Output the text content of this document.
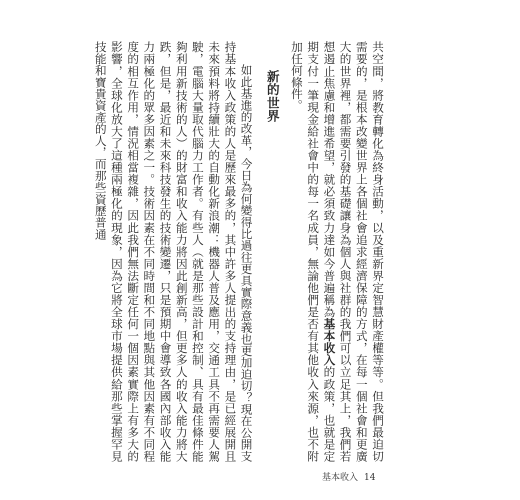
共空間，將教育轉化為終身活動，以及重新界定智慧財產權等等。但我們最迫切需要的，是根本改變世界上各個社會追求經濟保障的方式，在每一個社會和更廣大的世界裡，都需要引發的基礎讓身為個人與社群的我們可以立足其上，我們若想遏止焦慮和增進希望，就必須致力達如今普遍稱為基本收入的政策，也就是定期支付一筆現金給社會中的每一名成員，無論他們是否有其他收入來源，也不附加任何條件。

新的世界

如此基進的改革，今日為何變得比過往更具實際意義也更加迫切？現在公開支持基本收入政策的人是歷來最多的，其中許多人提出的支持理由，是已經展開且未來預料將持續壯大的自動化新浪潮：機器人普及應用，交通工具不再需要人駕駛，電腦大量取代腦力工作者。有些人（就是那些設計和控制、具有最佳條件能夠利用新技術的人）的財富和收入能力將因此創新高，但更多人的收入能力將大跌，但是，最近和未來科技發生的技術變遷，只是預期中會導致各國內部收入能力兩極化的眾多因素之一。技術因素在不同時間和不同地點與其他因素有不同程度的相互作用，情況相當複雜，因此我們無法斷定任何一個因素實際上有多大的影響，全球化放大了這種兩極化的現象，因為它將全球市場提供給那些掌握罕見技能和寶貴資產的人，而那些資歷普通

基本收入 14
